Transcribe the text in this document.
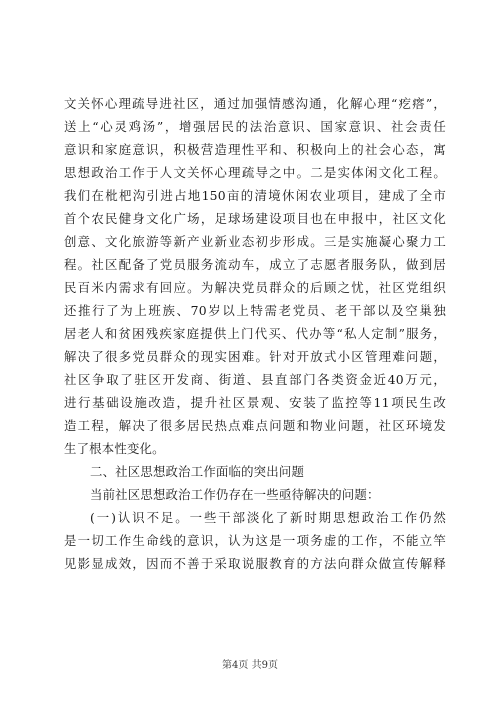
文关怀心理疏导进社区，通过加强情感沟通，化解心理“疙瘩”，
送上“心灵鸡汤”，增强居民的法治意识、国家意识、社会责任
意识和家庭意识，积极营造理性平和、积极向上的社会心态，寓
思想政治工作于人文关怀心理疏导之中。二是实体闲文化工程。
我们在枇杷沟引进占地150亩的清境休闲农业项目，建成了全市
首个农民健身文化广场，足球场建设项目也在申报中，社区文化
创意、文化旅游等新产业新业态初步形成。三是实施凝心聚力工
程。社区配备了党员服务流动车，成立了志愿者服务队，做到居
民百米内需求有回应。为解决党员群众的后顾之忧，社区党组织
还推行了为上班族、70岁以上特需老党员、老干部以及空巢独
居老人和贫困残疾家庭提供上门代买、代办等“私人定制”服务，
解决了很多党员群众的现实困难。针对开放式小区管理难问题，
社区争取了驻区开发商、街道、县直部门各类资金近40万元，
进行基础设施改造，提升社区景观、安装了监控等11项民生改
造工程，解决了很多居民热点难点问题和物业问题，社区环境发
生了根本性变化。
二、社区思想政治工作面临的突出问题
当前社区思想政治工作仍存在一些亟待解决的问题：
(一)认识不足。一些干部淡化了新时期思想政治工作仍然
是一切工作生命线的意识，认为这是一项务虚的工作，不能立竿
见影显成效，因而不善于采取说服教育的方法向群众做宣传解释
第4页 共9页
